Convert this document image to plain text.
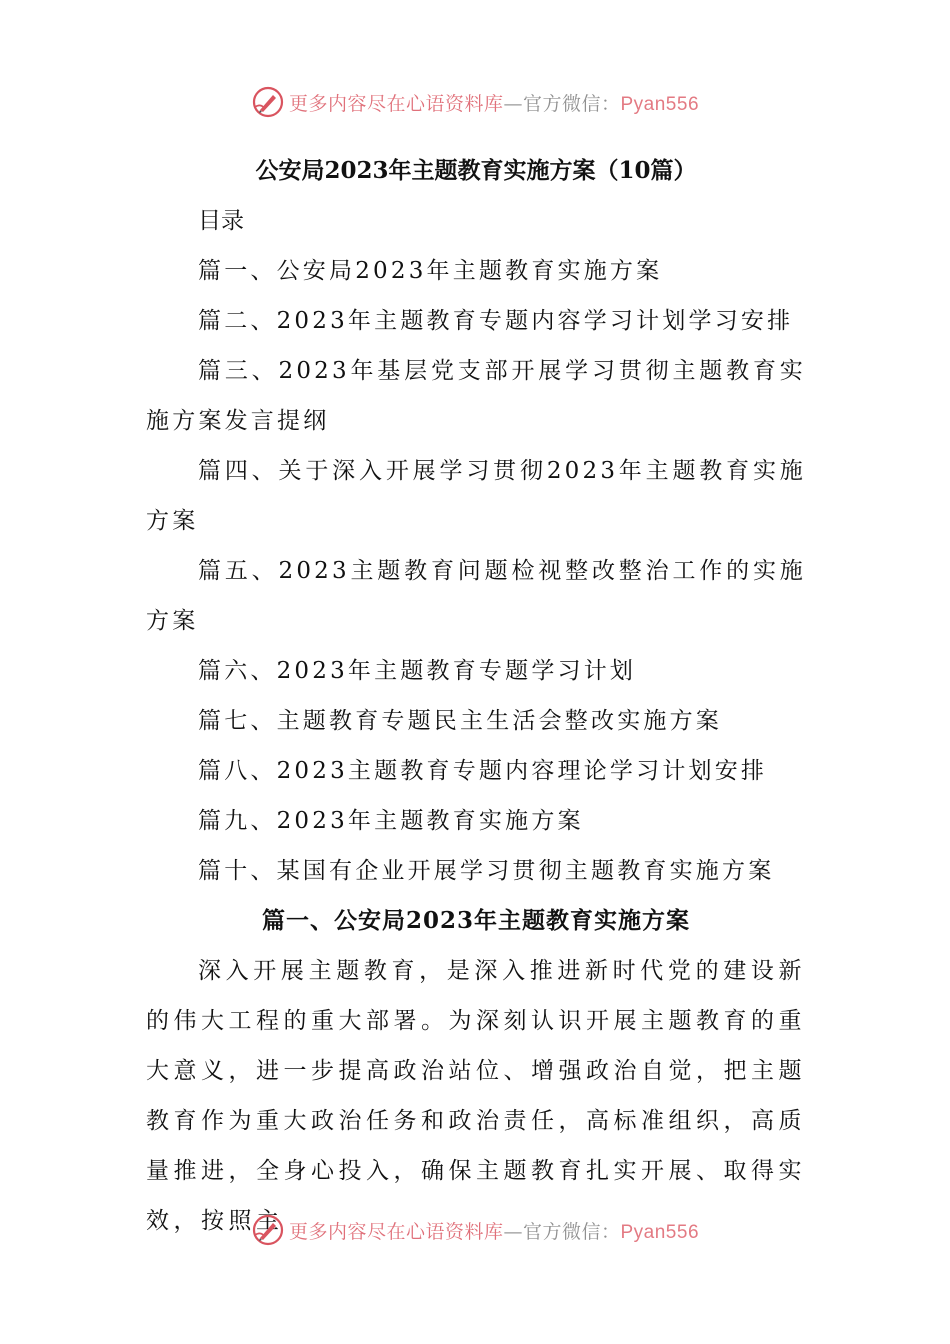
更多内容尽在心语资料库—官方微信：Pyan556
公安局2023年主题教育实施方案（10篇）
目录
篇一、公安局2023年主题教育实施方案
篇二、2023年主题教育专题内容学习计划学习安排
篇三、2023年基层党支部开展学习贯彻主题教育实施方案发言提纲
篇四、关于深入开展学习贯彻2023年主题教育实施方案
篇五、2023主题教育问题检视整改整治工作的实施方案
篇六、2023年主题教育专题学习计划
篇七、主题教育专题民主生活会整改实施方案
篇八、2023主题教育专题内容理论学习计划安排
篇九、2023年主题教育实施方案
篇十、某国有企业开展学习贯彻主题教育实施方案
篇一、公安局2023年主题教育实施方案
深入开展主题教育，是深入推进新时代党的建设新的伟大工程的重大部署。为深刻认识开展主题教育的重大意义，进一步提高政治站位、增强政治自觉，把主题教育作为重大政治任务和政治责任，高标准组织，高质量推进，全身心投入，确保主题教育扎实开展、取得实效，按照主 更多内容尽在心语资料库—官方微信：Pyan556
